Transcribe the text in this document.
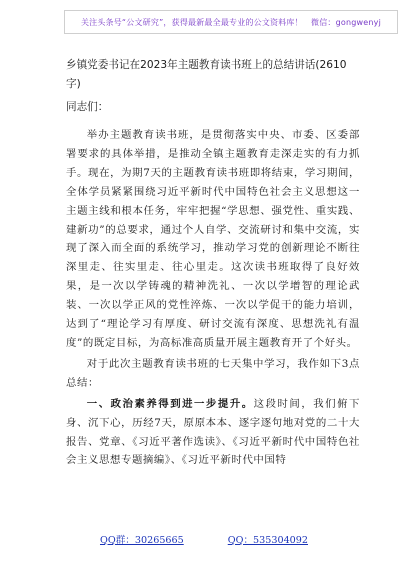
关注头条号“公文研究”，获得最新最全最专业的公文资料库！　微信：gongwenyj
乡镇党委书记在2023年主题教育读书班上的总结讲话(2610字)
同志们：

举办主题教育读书班，是贯彻落实中央、市委、区委部署要求的具体举措，是推动全镇主题教育走深走实的有力抓手。现在，为期7天的主题教育读书班即将结束，学习期间，全体学员紧紧围绕习近平新时代中国特色社会主义思想这一主题主线和根本任务，牢牢把握“学思想、强党性、重实践、建新功”的总要求，通过个人自学、交流研讨和集中交流，实现了深入而全面的系统学习，推动学习党的创新理论不断往深里走、往实里走、往心里走。这次读书班取得了良好效果，是一次以学铸魂的精神洗礼、一次以学增智的理论武装、一次以学正风的党性淬炼、一次以学促干的能力培训，达到了“理论学习有厚度、研讨交流有深度、思想洗礼有温度”的既定目标，为高标准高质量开展主题教育开了个好头。

对于此次主题教育读书班的七天集中学习，我作如下3点总结：

一、政治素养得到进一步提升。这段时间，我们俯下身、沉下心，历经7天，原原本本、逐字逐句地对党的二十大报告、党章、《习近平著作选读》、《习近平新时代中国特色社会主义思想专题摘编》、《习近平新时代中国特

QQ群：30265665	QQ：535304092
